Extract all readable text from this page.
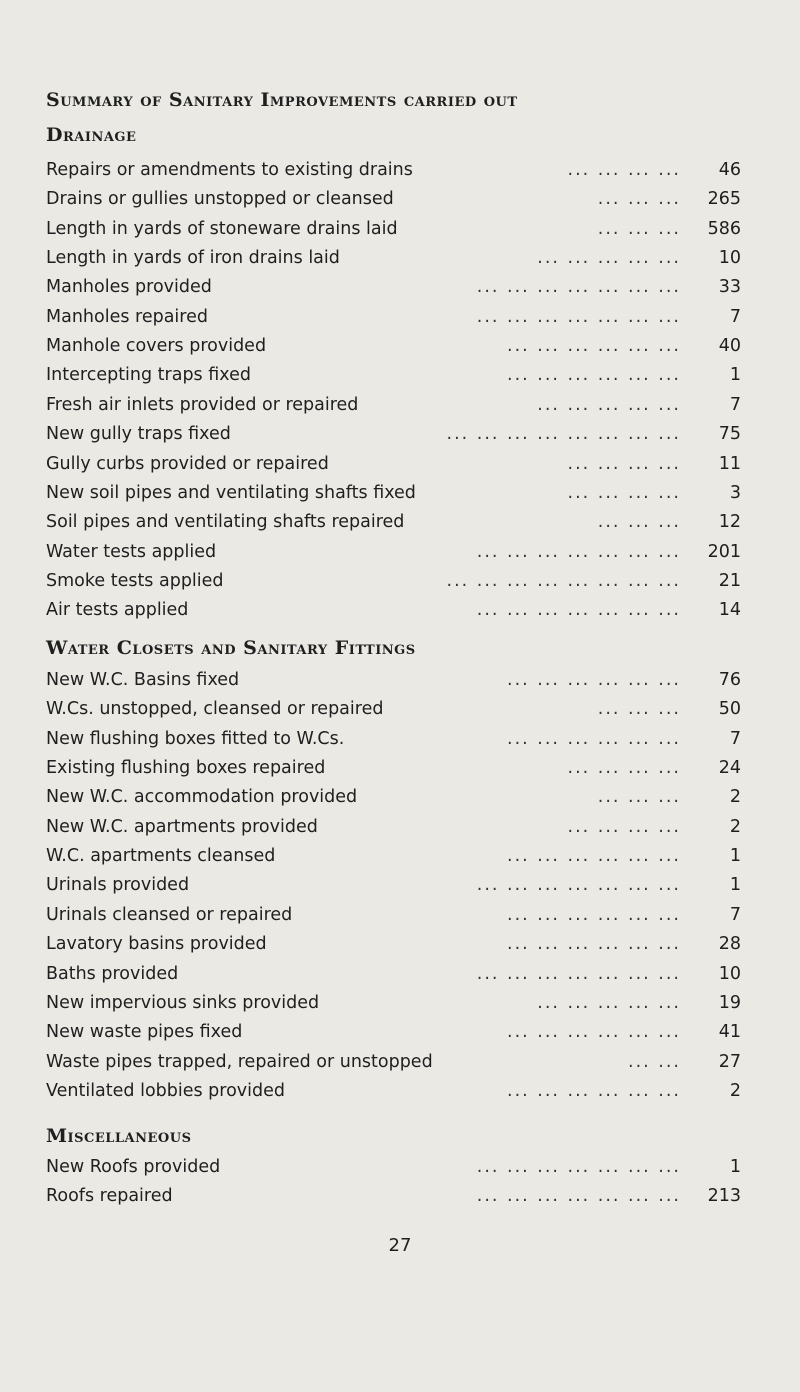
Summary of Sanitary Improvements carried out
Drainage
Repairs or amendments to existing drains	... ... ... ... 46
Drains or gullies unstopped or cleansed	... ... ... 265
Length in yards of stoneware drains laid	... ... ... 586
Length in yards of iron drains laid	... ... ... ... ... 10
Manholes provided	... ... ... ... ... ... ... 33
Manholes repaired	... ... ... ... ... ... ...	7
Manhole covers provided	... ... ... ... ... ... 40
Intercepting traps fixed	... ... ... ... ... ...	1
Fresh air inlets provided or repaired	... ... ... ... ...	7
New gully traps fixed	... ... ... ... ... ... ... ... 75
Gully curbs provided or repaired	... ... ... ... 11
New soil pipes and ventilating shafts fixed	... ... ... ...	3
Soil pipes and ventilating shafts repaired	... ... ... 12
Water tests applied	... ... ... ... ... ... ... 201
Smoke tests applied	... ... ... ... ... ... ... ... 21
Air tests applied	... ... ... ... ... ... ... 14
Water Closets and Sanitary Fittings
New W.C. Basins fixed	... ... ... ... ... ... 76
W.Cs. unstopped, cleansed or repaired	... ... ... 50
New flushing boxes fitted to W.Cs.	... ... ... ... ... ...	7
Existing flushing boxes repaired	... ... ... ... 24
New W.C. accommodation provided	... ... ...	2
New W.C. apartments provided	... ... ... ...	2
W.C. apartments cleansed	... ... ... ... ... ...	1
Urinals provided	... ... ... ... ... ... ...	1
Urinals cleansed or repaired	... ... ... ... ... ...	7
Lavatory basins provided	... ... ... ... ... ... 28
Baths provided	... ... ... ... ... ... ... 10
New impervious sinks provided	... ... ... ... ... 19
New waste pipes fixed	... ... ... ... ... ... 41
Waste pipes trapped, repaired or unstopped	... ... 27
Ventilated lobbies provided	... ... ... ... ... ...	2
Miscellaneous
New Roofs provided	... ... ... ... ... ... ...	1
Roofs repaired	... ... ... ... ... ... ... 213
27
